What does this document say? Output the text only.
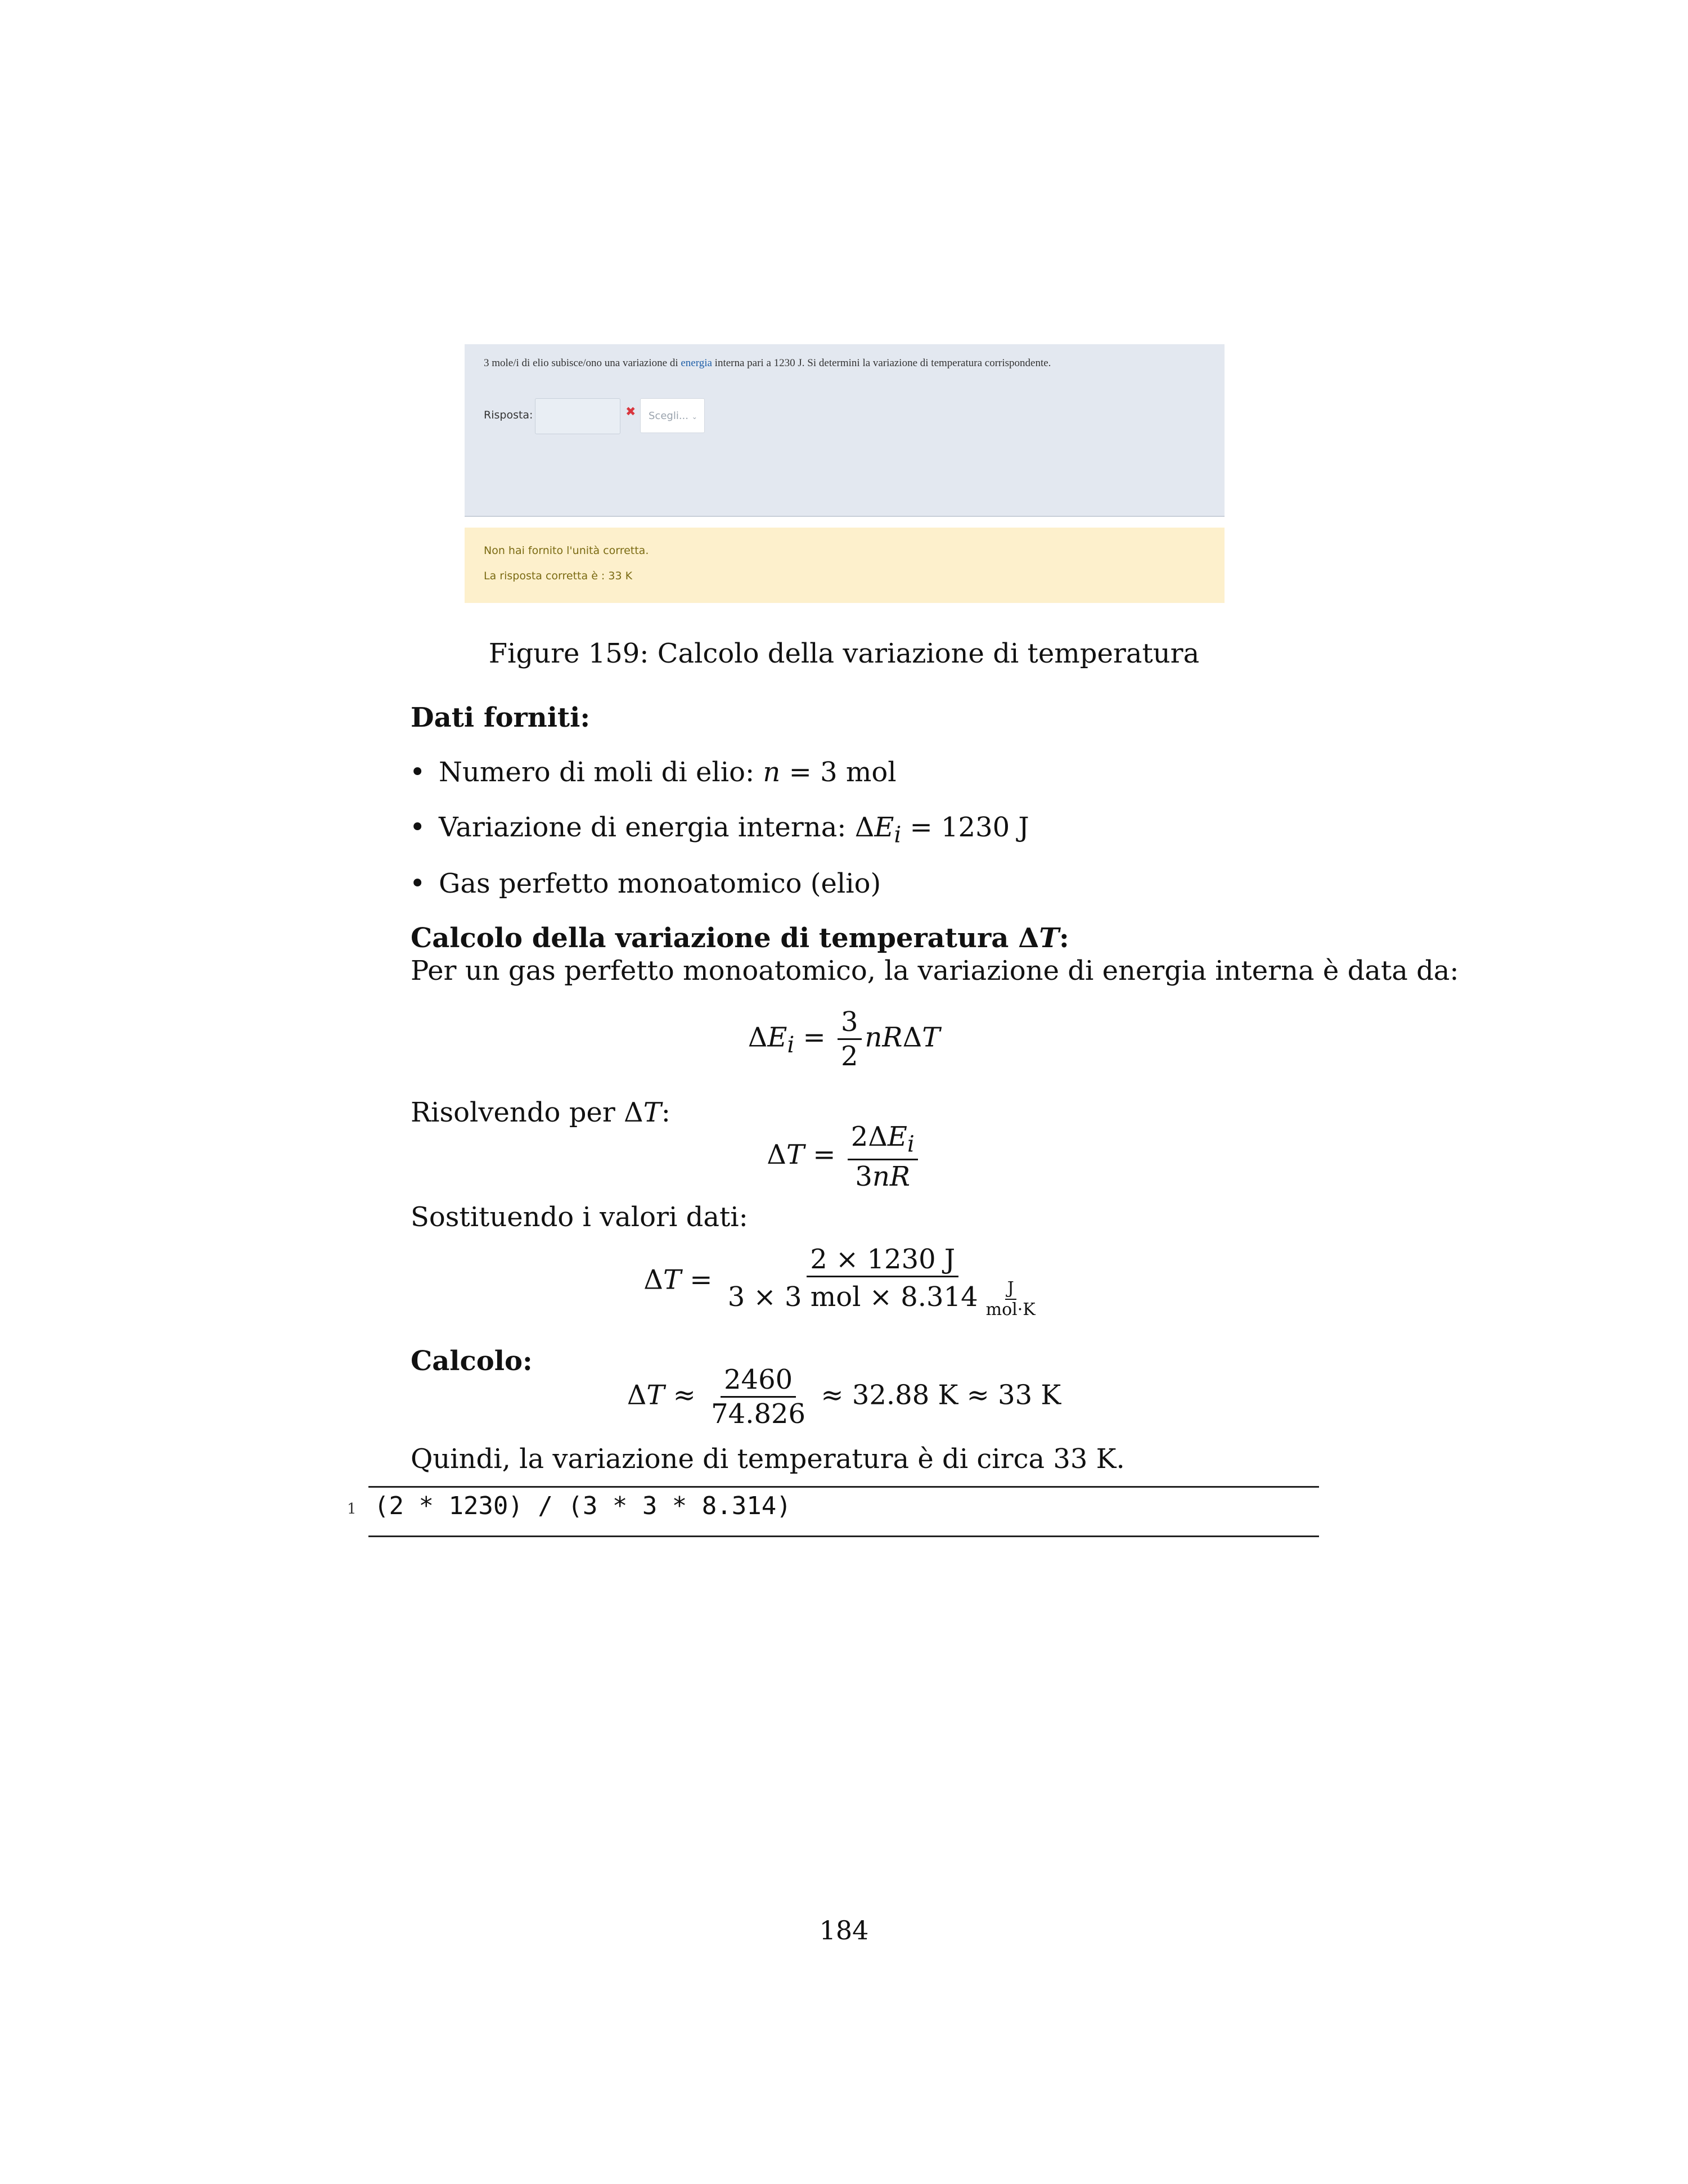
3 mole/i di elio subisce/ono una variazione di energia interna pari a 1230 J. Si determini la variazione di temperatura corrispondente.
Risposta:	✖	Scegli... ⌄
Non hai fornito l'unità corretta.
La risposta corretta è : 33 K
Figure 159: Calcolo della variazione di temperatura
Dati forniti:
• Numero di moli di elio: n = 3 mol
• Variazione di energia interna: $\Delta E_i = 1230$ J
• Gas perfetto monoatomico (elio)
Calcolo della variazione di temperatura ΔT:
Per un gas perfetto monoatomico, la variazione di energia interna è data da:
$\Delta E_i = \frac{3}{2}$ nRΔT
Risolvendo per ΔT:
$\Delta T = \frac{2\Delta E_i}{3nR}$
Sostituendo i valori dati:
$\Delta T = \frac{2 \times 1230 J}{3 \times 3 mol \times 8.314 \frac{J}{\text{mol·K}}}$
Calcolo:
$\Delta T \approx \frac{2460}{74.826} \approx 32.88$ K ≈ 33 K
Quindi, la variazione di temperatura è di circa 33 K.
1 (2 * 1230) / (3 * 3 * 8.314)
184
